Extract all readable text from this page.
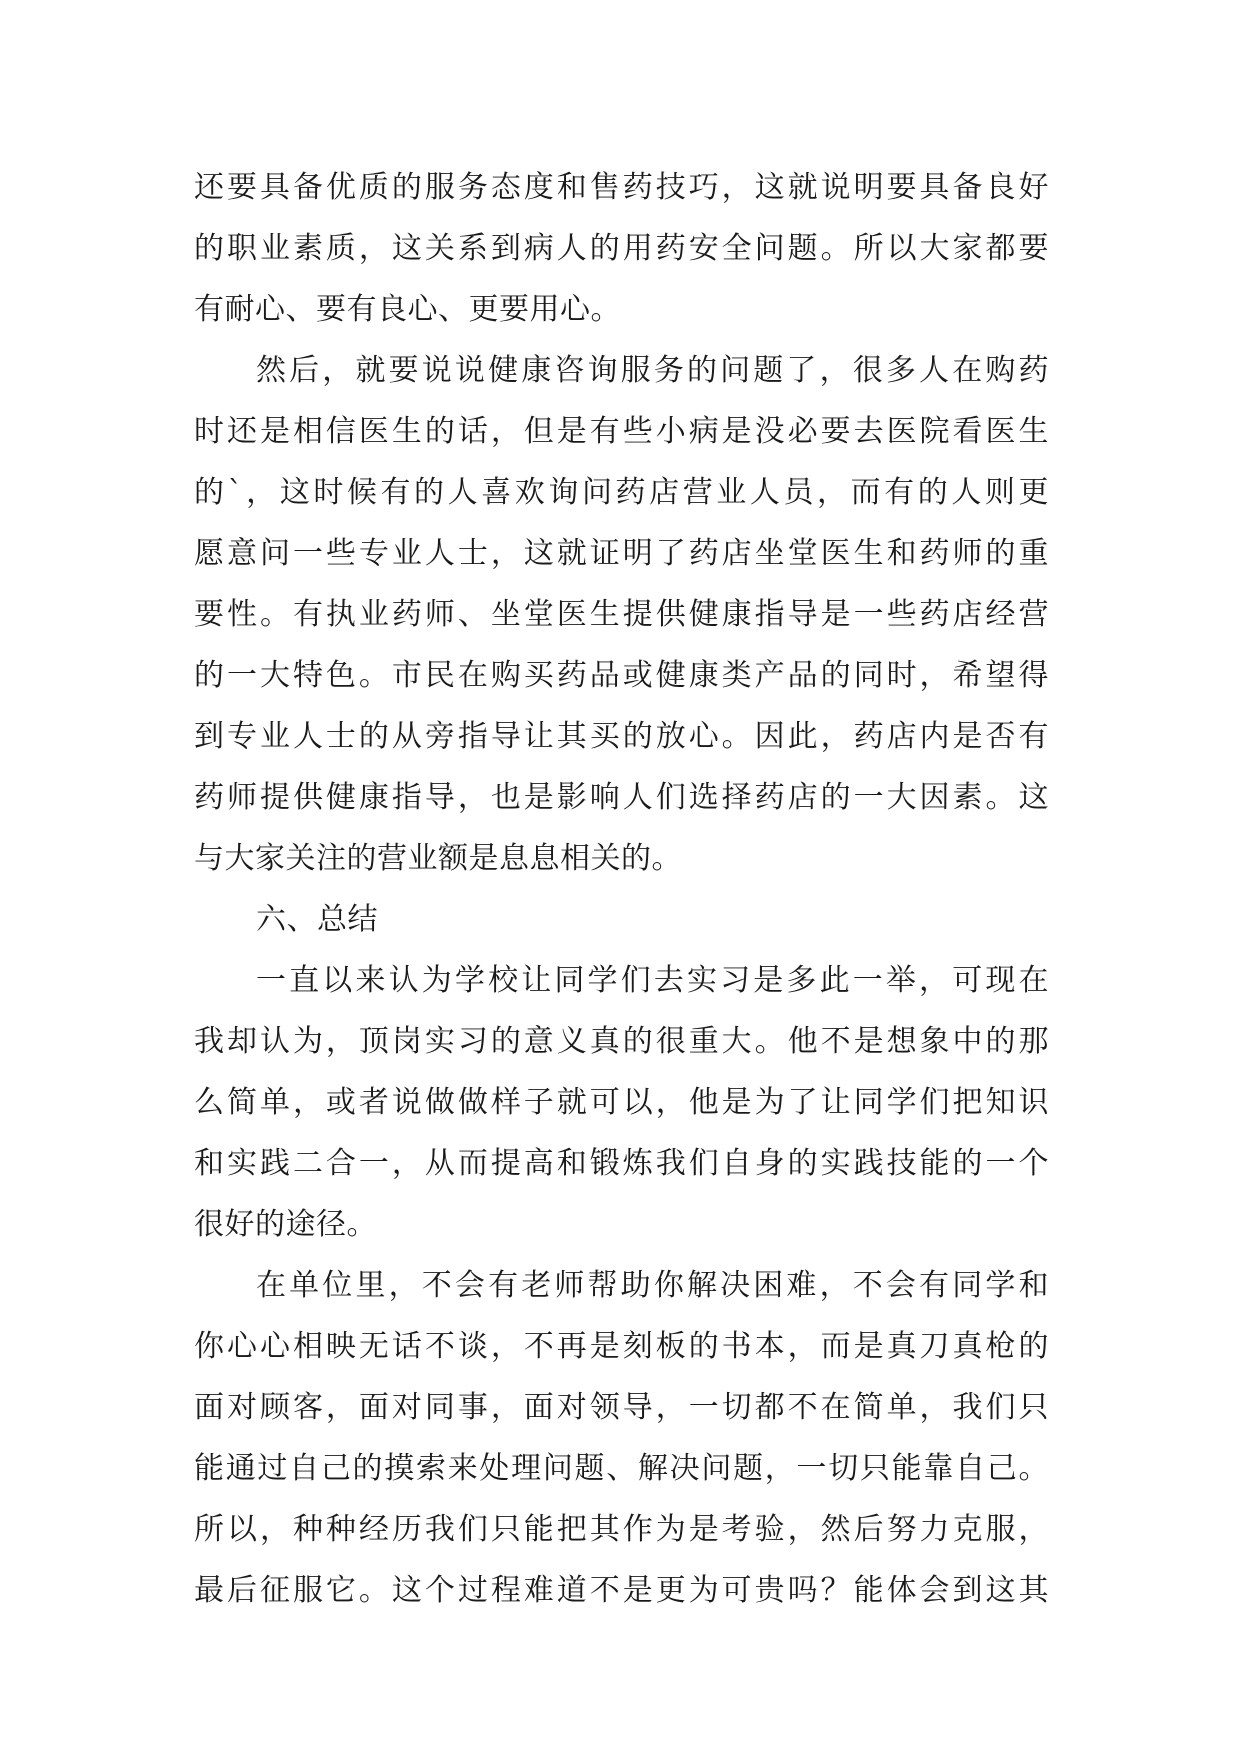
还要具备优质的服务态度和售药技巧，这就说明要具备良好
的职业素质，这关系到病人的用药安全问题。所以大家都要
有耐心、要有良心、更要用心。
然后，就要说说健康咨询服务的问题了，很多人在购药
时还是相信医生的话，但是有些小病是没必要去医院看医生
的`，这时候有的人喜欢询问药店营业人员，而有的人则更
愿意问一些专业人士，这就证明了药店坐堂医生和药师的重
要性。有执业药师、坐堂医生提供健康指导是一些药店经营
的一大特色。市民在购买药品或健康类产品的同时，希望得
到专业人士的从旁指导让其买的放心。因此，药店内是否有
药师提供健康指导，也是影响人们选择药店的一大因素。这
与大家关注的营业额是息息相关的。
六、总结
一直以来认为学校让同学们去实习是多此一举，可现在
我却认为，顶岗实习的意义真的很重大。他不是想象中的那
么简单，或者说做做样子就可以，他是为了让同学们把知识
和实践二合一，从而提高和锻炼我们自身的实践技能的一个
很好的途径。
在单位里，不会有老师帮助你解决困难，不会有同学和
你心心相映无话不谈，不再是刻板的书本，而是真刀真枪的
面对顾客，面对同事，面对领导，一切都不在简单，我们只
能通过自己的摸索来处理问题、解决问题，一切只能靠自己。
所以，种种经历我们只能把其作为是考验，然后努力克服，
最后征服它。这个过程难道不是更为可贵吗？能体会到这其
